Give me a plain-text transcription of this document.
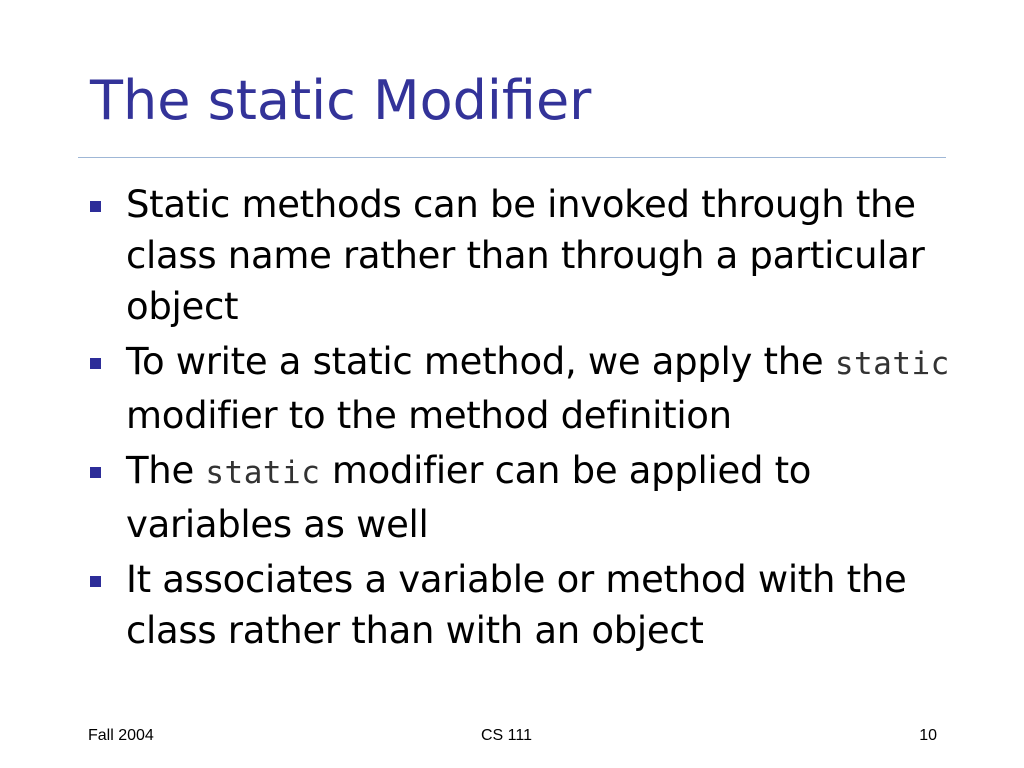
The static Modifier
Static methods can be invoked through the class name rather than through a particular object
To write a static method, we apply the static modifier to the method definition
The static modifier can be applied to variables as well
It associates a variable or method with the class rather than with an object
Fall 2004	CS 111	10
